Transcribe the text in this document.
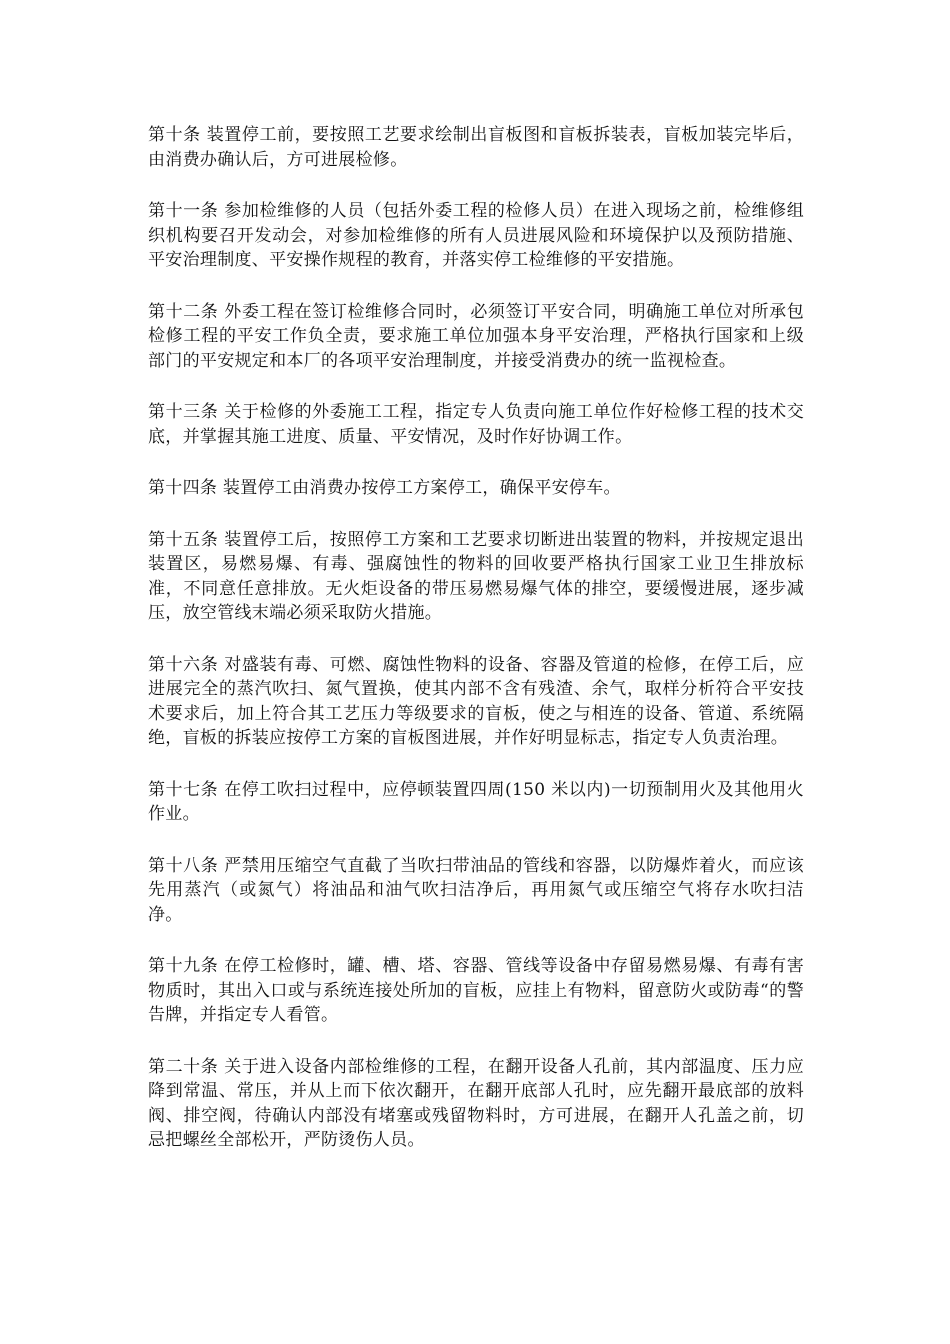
第十条 装置停工前，要按照工艺要求绘制出盲板图和盲板拆装表，盲板加装完毕后，由消费办确认后，方可进展检修。

第十一条 参加检维修的人员（包括外委工程的检修人员）在进入现场之前，检维修组织机构要召开发动会，对参加检维修的所有人员进展风险和环境保护以及预防措施、平安治理制度、平安操作规程的教育，并落实停工检维修的平安措施。

第十二条 外委工程在签订检维修合同时，必须签订平安合同，明确施工单位对所承包检修工程的平安工作负全责，要求施工单位加强本身平安治理，严格执行国家和上级部门的平安规定和本厂的各项平安治理制度，并接受消费办的统一监视检查。

第十三条 关于检修的外委施工工程，指定专人负责向施工单位作好检修工程的技术交底，并掌握其施工进度、质量、平安情况，及时作好协调工作。

第十四条 装置停工由消费办按停工方案停工，确保平安停车。

第十五条 装置停工后，按照停工方案和工艺要求切断进出装置的物料，并按规定退出装置区，易燃易爆、有毒、强腐蚀性的物料的回收要严格执行国家工业卫生排放标准，不同意任意排放。无火炬设备的带压易燃易爆气体的排空，要缓慢进展，逐步减压，放空管线末端必须采取防火措施。

第十六条 对盛装有毒、可燃、腐蚀性物料的设备、容器及管道的检修，在停工后，应进展完全的蒸汽吹扫、氮气置换，使其内部不含有残渣、余气，取样分析符合平安技术要求后，加上符合其工艺压力等级要求的盲板，使之与相连的设备、管道、系统隔绝，盲板的拆装应按停工方案的盲板图进展，并作好明显标志，指定专人负责治理。

第十七条 在停工吹扫过程中，应停顿装置四周(150 米以内)一切预制用火及其他用火作业。

第十八条 严禁用压缩空气直截了当吹扫带油品的管线和容器，以防爆炸着火，而应该先用蒸汽（或氮气）将油品和油气吹扫洁净后，再用氮气或压缩空气将存水吹扫洁净。

第十九条 在停工检修时，罐、槽、塔、容器、管线等设备中存留易燃易爆、有毒有害物质时，其出入口或与系统连接处所加的盲板，应挂上有物料，留意防火或防毒“的警告牌，并指定专人看管。

第二十条 关于进入设备内部检维修的工程，在翻开设备人孔前，其内部温度、压力应降到常温、常压，并从上而下依次翻开，在翻开底部人孔时，应先翻开最底部的放料阀、排空阀，待确认内部没有堵塞或残留物料时，方可进展，在翻开人孔盖之前，切忌把螺丝全部松开，严防烫伤人员。
